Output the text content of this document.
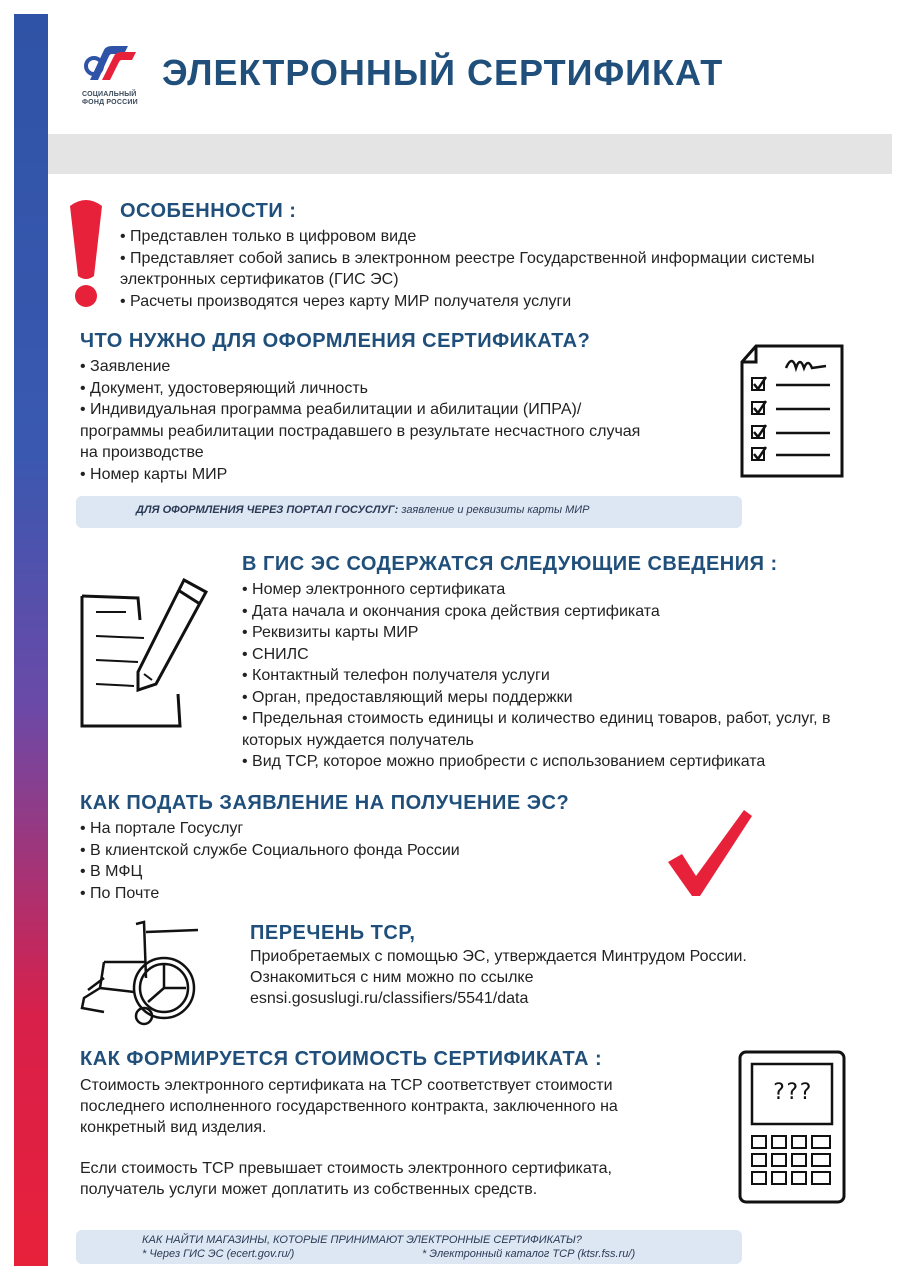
СОЦИАЛЬНЫЙ
ФОНД РОССИИ
ЭЛЕКТРОННЫЙ СЕРТИФИКАТ
ОСОБЕННОСТИ :
• Представлен только в цифровом виде
• Представляет собой запись в электронном реестре Государственной информации системы электронных сертификатов (ГИС ЭС)
• Расчеты производятся через карту МИР получателя услуги
ЧТО НУЖНО ДЛЯ ОФОРМЛЕНИЯ СЕРТИФИКАТА?
• Заявление
• Документ, удостоверяющий личность
• Индивидуальная программа реабилитации и абилитации (ИПРА)/программы реабилитации пострадавшего в результате несчастного случая на производстве
• Номер карты МИР
ДЛЯ ОФОРМЛЕНИЯ ЧЕРЕЗ ПОРТАЛ ГОСУСЛУГ: заявление и реквизиты карты МИР
В ГИС ЭС СОДЕРЖАТСЯ СЛЕДУЮЩИЕ СВЕДЕНИЯ :
• Номер электронного сертификата
• Дата начала и окончания срока действия сертификата
• Реквизиты карты МИР
• СНИЛС
• Контактный телефон получателя услуги
• Орган, предоставляющий меры поддержки
• Предельная стоимость единицы и количество единиц товаров, работ, услуг, в которых нуждается получатель
• Вид ТСР, которое можно приобрести с использованием сертификата
КАК ПОДАТЬ ЗАЯВЛЕНИЕ НА ПОЛУЧЕНИЕ ЭС?
• На портале Госуслуг
• В клиентской службе Социального фонда России
• В МФЦ
• По Почте
ПЕРЕЧЕНЬ ТСР,
Приобретаемых с помощью ЭС, утверждается Минтрудом России.
Ознакомиться с ним можно по ссылке
esnsi.gosuslugi.ru/classifiers/5541/data
КАК ФОРМИРУЕТСЯ СТОИМОСТЬ СЕРТИФИКАТА :
Стоимость электронного сертификата на ТСР соответствует стоимости последнего исполненного государственного контракта, заключенного на конкретный вид изделия.
Если стоимость ТСР превышает стоимость электронного сертификата, получатель услуги может доплатить из собственных средств.
???
КАК НАЙТИ МАГАЗИНЫ, КОТОРЫЕ ПРИНИМАЮТ ЭЛЕКТРОННЫЕ СЕРТИФИКАТЫ?
* Через ГИС ЭС (ecert.gov.ru/)	* Электронный каталог ТСР (ktsr.fss.ru/)
